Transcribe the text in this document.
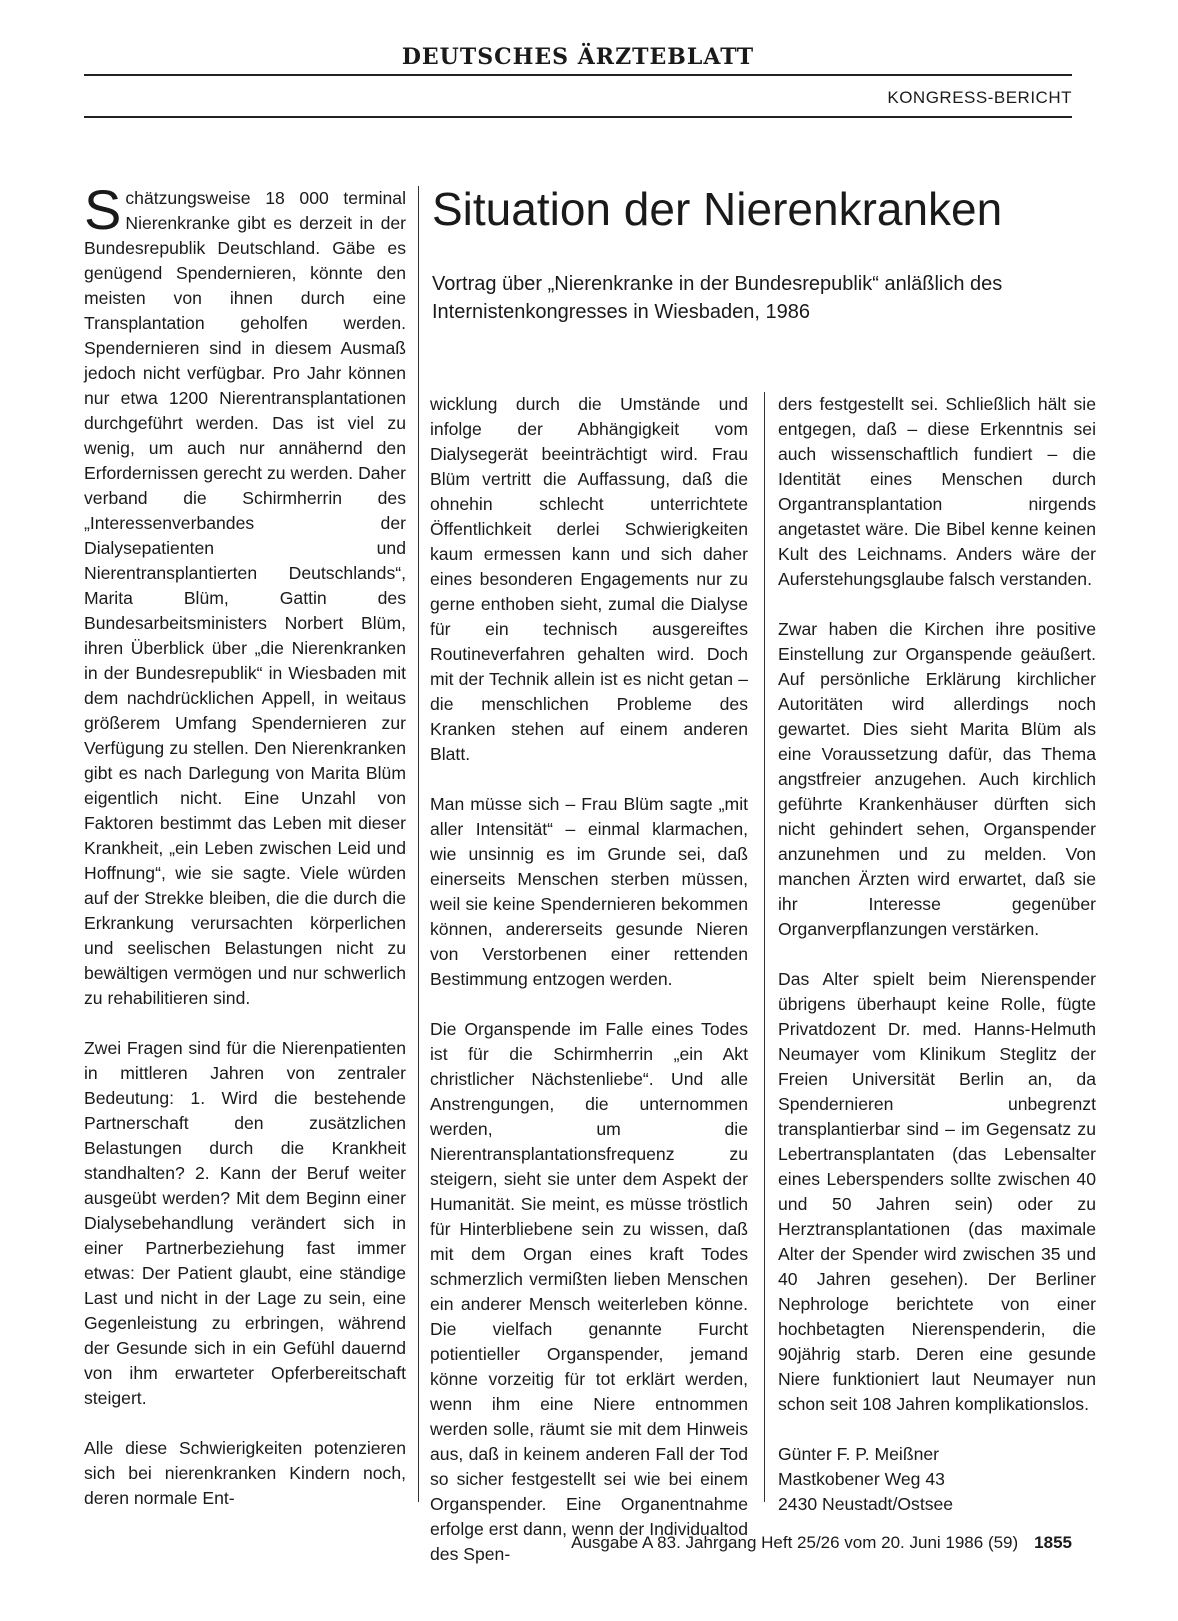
DEUTSCHES ÄRZTEBLATT
KONGRESS-BERICHT

Schätzungsweise 18 000 terminal Nierenkranke gibt es derzeit in der Bundesrepublik Deutschland. Gäbe es genügend Spendernieren, könnte den meisten von ihnen durch eine Transplantation geholfen werden. Spendernieren sind in diesem Ausmaß jedoch nicht verfügbar. Pro Jahr können nur etwa 1200 Nierentransplantationen durchgeführt werden. Das ist viel zu wenig, um auch nur annähernd den Erfordernissen gerecht zu werden. Daher verband die Schirmherrin des „Interessenverbandes der Dialysepatienten und Nierentransplantierten Deutschlands“, Marita Blüm, Gattin des Bundesarbeitsministers Norbert Blüm, ihren Überblick über „die Nierenkranken in der Bundesrepublik“ in Wiesbaden mit dem nachdrücklichen Appell, in weitaus größerem Umfang Spendernieren zur Verfügung zu stellen. Den Nierenkranken gibt es nach Darlegung von Marita Blüm eigentlich nicht. Eine Unzahl von Faktoren bestimmt das Leben mit dieser Krankheit, „ein Leben zwischen Leid und Hoffnung“, wie sie sagte. Viele würden auf der Strekke bleiben, die die durch die Erkrankung verursachten körperlichen und seelischen Belastungen nicht zu bewältigen vermögen und nur schwerlich zu rehabilitieren sind.

Zwei Fragen sind für die Nierenpatienten in mittleren Jahren von zentraler Bedeutung: 1. Wird die bestehende Partnerschaft den zusätzlichen Belastungen durch die Krankheit standhalten? 2. Kann der Beruf weiter ausgeübt werden? Mit dem Beginn einer Dialysebehandlung verändert sich in einer Partnerbeziehung fast immer etwas: Der Patient glaubt, eine ständige Last und nicht in der Lage zu sein, eine Gegenleistung zu erbringen, während der Gesunde sich in ein Gefühl dauernd von ihm erwarteter Opferbereitschaft steigert.

Alle diese Schwierigkeiten potenzieren sich bei nierenkranken Kindern noch, deren normale Ent-

Situation der Nierenkranken
Vortrag über „Nierenkranke in der Bundesrepublik“ anläßlich des Internistenkongresses in Wiesbaden, 1986

wicklung durch die Umstände und infolge der Abhängigkeit vom Dialysegerät beeinträchtigt wird. Frau Blüm vertritt die Auffassung, daß die ohnehin schlecht unterrichtete Öffentlichkeit derlei Schwierigkeiten kaum ermessen kann und sich daher eines besonderen Engagements nur zu gerne enthoben sieht, zumal die Dialyse für ein technisch ausgereiftes Routineverfahren gehalten wird. Doch mit der Technik allein ist es nicht getan – die menschlichen Probleme des Kranken stehen auf einem anderen Blatt.

Man müsse sich – Frau Blüm sagte „mit aller Intensität“ – einmal klarmachen, wie unsinnig es im Grunde sei, daß einerseits Menschen sterben müssen, weil sie keine Spendernieren bekommen können, andererseits gesunde Nieren von Verstorbenen einer rettenden Bestimmung entzogen werden.

Die Organspende im Falle eines Todes ist für die Schirmherrin „ein Akt christlicher Nächstenliebe“. Und alle Anstrengungen, die unternommen werden, um die Nierentransplantationsfrequenz zu steigern, sieht sie unter dem Aspekt der Humanität. Sie meint, es müsse tröstlich für Hinterbliebene sein zu wissen, daß mit dem Organ eines kraft Todes schmerzlich vermißten lieben Menschen ein anderer Mensch weiterleben könne. Die vielfach genannte Furcht potientieller Organspender, jemand könne vorzeitig für tot erklärt werden, wenn ihm eine Niere entnommen werden solle, räumt sie mit dem Hinweis aus, daß in keinem anderen Fall der Tod so sicher festgestellt sei wie bei einem Organspender. Eine Organentnahme erfolge erst dann, wenn der Individualtod des Spen-

ders festgestellt sei. Schließlich hält sie entgegen, daß – diese Erkenntnis sei auch wissenschaftlich fundiert – die Identität eines Menschen durch Organtransplantation nirgends angetastet wäre. Die Bibel kenne keinen Kult des Leichnams. Anders wäre der Auferstehungsglaube falsch verstanden.

Zwar haben die Kirchen ihre positive Einstellung zur Organspende geäußert. Auf persönliche Erklärung kirchlicher Autoritäten wird allerdings noch gewartet. Dies sieht Marita Blüm als eine Voraussetzung dafür, das Thema angstfreier anzugehen. Auch kirchlich geführte Krankenhäuser dürften sich nicht gehindert sehen, Organspender anzunehmen und zu melden. Von manchen Ärzten wird erwartet, daß sie ihr Interesse gegenüber Organverpflanzungen verstärken.

Das Alter spielt beim Nierenspender übrigens überhaupt keine Rolle, fügte Privatdozent Dr. med. Hanns-Helmuth Neumayer vom Klinikum Steglitz der Freien Universität Berlin an, da Spendernieren unbegrenzt transplantierbar sind – im Gegensatz zu Lebertransplantaten (das Lebensalter eines Leberspenders sollte zwischen 40 und 50 Jahren sein) oder zu Herztransplantationen (das maximale Alter der Spender wird zwischen 35 und 40 Jahren gesehen). Der Berliner Nephrologe berichtete von einer hochbetagten Nierenspenderin, die 90jährig starb. Deren eine gesunde Niere funktioniert laut Neumayer nun schon seit 108 Jahren komplikationslos.

Günter F. P. Meißner
Mastkobener Weg 43
2430 Neustadt/Ostsee
Ausgabe A 83. Jahrgang Heft 25/26 vom 20. Juni 1986 (59) 1855
